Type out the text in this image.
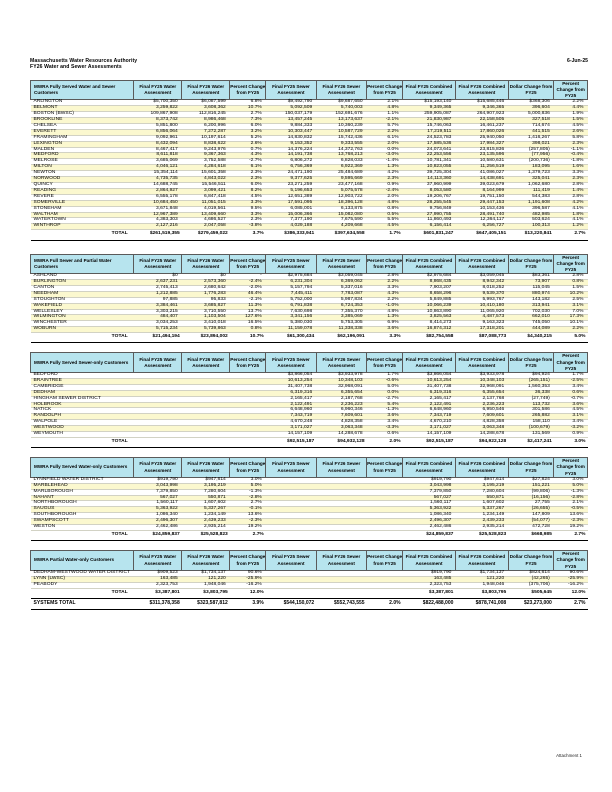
Massachusetts Water Resources Authority
FY26 Water and Sewer Assessments
6-Jun-25
MWRA Fully Served Water and Sewer Customers	Final FY25 Water Assessment	Final FY26 Water Assessment	Percent Change from FY25	Final FY25 Sewer Assessment	Final FY26 Sewer Assessment	Percent Change from FY25	Final FY25 Combined Assessment	Final FY26 Combined Assessment	Dollar Change from FY25	Percent Change from FY25
ARLINGTON	$5,700,350	$6,087,599	6.8%	$9,492,790	$9,687,650	2.1%	$15,193,140	$15,685,446	$368,306	2.2%
BELMONT	3,259,822	3,608,362	10.7%	5,092,509	5,740,003	4.8%	9,349,365	9,346,365	396,604	4.4%
BOSTON (BWSC)	109,867,908	112,816,245	2.7%	150,037,179	152,691,676	1.1%	259,905,087	264,907,923	5,000,836	1.9%
BROOKLINE	8,373,742	8,986,468	7.3%	13,457,245	13,173,637	-2.1%	21,830,987	22,158,505	327,518	1.5%
CHELSEA	5,851,800	6,200,996	6.0%	9,884,333	10,360,239	5.7%	15,746,063	16,461,237	714,674	4.5%
EVERETT	6,856,064	7,272,287	3.2%	10,303,447	10,587,729	2.2%	17,219,511	17,860,026	441,515	2.6%
FRAMINGHAM	9,092,961	10,197,614	5.2%	14,830,832	15,742,436	6.1%	24,523,783	25,940,050	1,416,267	5.8%
LEXINGTON	8,432,094	8,838,622	2.6%	9,153,352	9,333,555	2.0%	17,585,536	17,984,327	398,021	2.3%
MALDEN	8,467,417	9,243,976	0.7%	14,376,224	14,372,763	0.0%	24,073,641	23,815,836	(257,805)	-1.1%
MEDFORD	8,611,818	9,367,363	4.3%	14,191,738	13,768,213	-3.0%	22,253,556	23,135,596	(77,956)	-0.4%
MELROSE	3,685,069	3,752,588	-2.7%	6,806,272	6,828,033	-1.4%	10,781,341	10,580,631	(200,736)	-1.8%
MILTON	4,046,121	4,284,618	6.1%	6,756,369	6,922,369	1.3%	10,823,055	11,256,519	183,095	1.6%
NEWTON	15,354,114	15,601,358	2.3%	24,471,190	25,484,689	4.2%	39,725,304	41,086,027	1,379,723	3.3%
NORWOOD	4,735,735	4,843,022	2.3%	9,377,625	9,595,669	2.3%	14,113,360	14,438,691	325,041	2.3%
QUINCY	14,688,745	15,546,511	6.0%	23,271,259	23,477,168	0.9%	37,960,999	39,023,679	1,062,680	2.8%
READING	2,864,927	3,099,421	8.2%	5,196,653	5,075,578	-2.4%	8,053,580	8,164,999	111,419	1.4%
REVERE	6,555,178	6,847,418	4.5%	12,651,389	12,903,722	2.0%	19,206,767	19,751,150	544,383	2.8%
SOMERVILLE	10,684,450	11,051,015	3.3%	17,591,095	18,396,128	4.8%	28,255,545	29,447,153	1,191,608	4.2%
STONEHAM	3,671,848	4,019,561	9.5%	6,085,001	6,133,875	0.8%	9,756,849	10,153,436	396,587	4.1%
WALTHAM	12,967,389	13,409,660	3.3%	15,006,366	15,082,080	0.5%	27,990,755	28,491,740	482,985	1.8%
WATERTOWN	4,383,303	4,686,527	2.3%	7,377,190	7,675,590	5.5%	11,860,493	12,364,117	503,624	4.1%
WINTHROP	2,127,216	2,047,058	-3.8%	4,029,188	4,209,668	4.5%	6,156,414	6,256,727	100,313	1.2%
TOTAL	$261,519,355	$279,459,022	3.7%	$386,333,941	$397,634,558	1.7%	$601,831,247	$647,405,151	$13,220,841	2.7%
MWRA Full Sewer and Partial Water Customers	Final FY25 Water Assessment	Final FY26 Water Assessment	Percent Change from FY25	Final FY25 Sewer Assessment	Final FY26 Sewer Assessment	Percent Change from FY25	Final FY25 Combined Assessment	Final FY26 Combined Assessment	Dollar Change from FY25	Percent Change from FY25
ASHLAND	$0	$0	-	$2,975,684	$3,059,045	2.8%	$2,975,684	$3,059,045	$83,361	2.8%
BURLINGTON	2,637,231	2,573,360	-2.4%	6,231,304	6,369,062	2.2%	8,868,435	8,942,342	73,907	0.8%
CANTON	2,745,413	2,680,642	-2.0%	5,157,794	5,337,016	3.3%	7,903,207	8,018,252	115,045	1.5%
NEEDHAM	1,212,885	1,776,283	46.4%	7,445,411	7,783,087	4.3%	8,658,296	9,539,370	880,974	10.2%
STOUGHTON	97,885	95,833	-2.1%	5,752,000	5,987,834	2.2%	5,849,885	5,993,767	143,182	2.5%
WAKEFIELD	3,384,461	3,685,827	11.3%	6,791,838	6,724,353	-1.0%	10,066,239	10,410,180	313,941	3.1%
WELLESLEY	3,303,215	3,710,550	13.7%	7,630,698	7,355,370	4.8%	10,863,890	11,065,920	702,030	7.0%
WILMINGTON	484,407	1,103,504	127.6%	3,341,156	3,385,069	1.3%	3,825,563	4,487,573	662,010	17.3%
WINCHESTER	3,034,253	3,410,018	16.5%	5,380,030	5,753,305	6.9%	8,414,273	9,163,323	745,050	10.1%
WOBURN	5,715,234	5,739,863	0.8%	11,159,078	11,338,338	3.6%	16,874,312	17,318,201	444,089	2.2%
TOTAL	$21,494,194	$23,894,002	10.7%	$61,300,434	$62,196,091	3.3%	$82,754,558	$87,088,773	$4,340,215	5.0%
MWRA Fully Served Sewer-only Customers	Final FY25 Water Assessment	Final FY26 Water Assessment	Percent Change from FY25	Final FY25 Sewer Assessment	Final FY26 Sewer Assessment	Percent Change from FY25	Final FY25 Combined Assessment	Final FY26 Combined Assessment	Dollar Change from FY25	Percent Change from FY25
BEDFORD				$3,866,054	$3,933,978	1.7%	$3,866,054	$3,933,978	$94,924	1.7%
BRAINTREE				10,613,254	10,348,103	-0.6%	10,613,254	10,348,103	(265,151)	-2.5%
CAMBRIDGE				31,407,738	32,968,091	5.0%	31,407,738	32,968,091	1,560,353	3.4%
DEDHAM				6,319,316	6,355,654	0.0%	6,319,316	6,355,654	36,338	0.6%
HINGHAM SEWER DISTRICT				2,165,417	2,187,768	-2.7%	2,165,417	2,137,768	(27,749)	-0.7%
HOLBROOK				2,122,491	2,236,223	5.4%	2,122,491	2,236,223	113,732	3.6%
NATICK				6,648,960	6,960,346	-1.3%	6,648,960	6,950,546	301,586	4.5%
RANDOLPH				7,343,719	7,609,601	3.6%	7,343,719	7,609,601	265,882	3.1%
WALPOLE				4,670,248	4,828,358	3.4%	4,670,210	4,828,358	158,110	3.4%
WESTWOOD				3,171,027	3,063,348	-3.3%	3,171,027	3,063,348	(100,679)	-3.2%
WEYMOUTH				14,157,109	14,288,678	0.6%	14,157,109	14,288,678	131,569	0.9%
TOTAL				$92,515,187	$94,932,128	2.0%	$92,515,187	$94,922,128	$2,417,241	3.0%
MWRA Fully Served Water-only Customers	Final FY25 Water Assessment	Final FY26 Water Assessment	Percent Change from FY25	Final FY25 Sewer Assessment	Final FY26 Sewer Assessment	Percent Change from FY25	Final FY25 Combined Assessment	Final FY26 Combined Assessment	Dollar Change from FY25	Percent Change from FY25
LYNNFIELD WATER DISTRICT	$919,790	$947,614	3.0%				$919,790	$947,614	$27,824	3.0%
MARBLEHEAD	3,043,998	3,195,219	5.0%				3,043,998	3,195,219	151,221	5.0%
MARLBOROUGH	7,379,850	7,280,604	-1.3%				7,379,850	7,280,604	(99,806)	-1.3%
NAHANT	567,027	550,871	-2.8%				567,027	550,871	(16,156)	-2.8%
NORTHBOROUGH	1,560,117	1,607,602	2.7%				1,560,117	1,607,602	27,755	2.1%
SAUGUS	5,363,922	5,337,267	-0.1%				5,363,922	5,337,267	(26,655)	-0.5%
SOUTHBOROUGH	1,086,340	1,234,149	13.6%				1,086,340	1,234,149	147,809	13.6%
SWAMPSCOTT	2,496,307	2,439,233	-2.3%				2,496,307	2,439,233	(54,077)	-2.3%
WESTON	2,462,486	2,935,214	19.2%				2,462,486	2,935,214	472,728	19.2%
TOTAL	$24,859,837	$25,528,823	2.7%				$24,859,837	$25,528,823	$668,985	2.7%
MWRA Partial Water-only Customers	Final FY25 Water Assessment	Final FY26 Water Assessment	Percent Change from FY25	Final FY25 Sewer Assessment	Final FY26 Sewer Assessment	Percent Change from FY25	Final FY25 Combined Assessment	Final FY26 Combined Assessment	Dollar Change from FY25	Percent Change from FY25
DEDHAM-WESTWOOD WATER DISTRICT	$909,523	$1,734,137	90.6%				$919,790	$1,734,137	$824,614	90.6%
LYNN (LWSC)	163,485	121,220	-25.9%				163,485	121,220	(42,265)	-25.9%
PEABODY	2,323,753	1,948,046	-16.2%				2,323,753	1,948,046	(375,706)	-16.2%
TOTAL	$3,387,801	$3,803,795	12.0%				$3,387,801	$3,803,795	$505,645	12.0%
SYSTEMS TOTAL	$311,378,358	$323,587,812	3.9%	$544,150,072	$552,743,555	2.0%	$822,488,000	$878,741,008	$23,273,000	2.7%
Attachment 1
